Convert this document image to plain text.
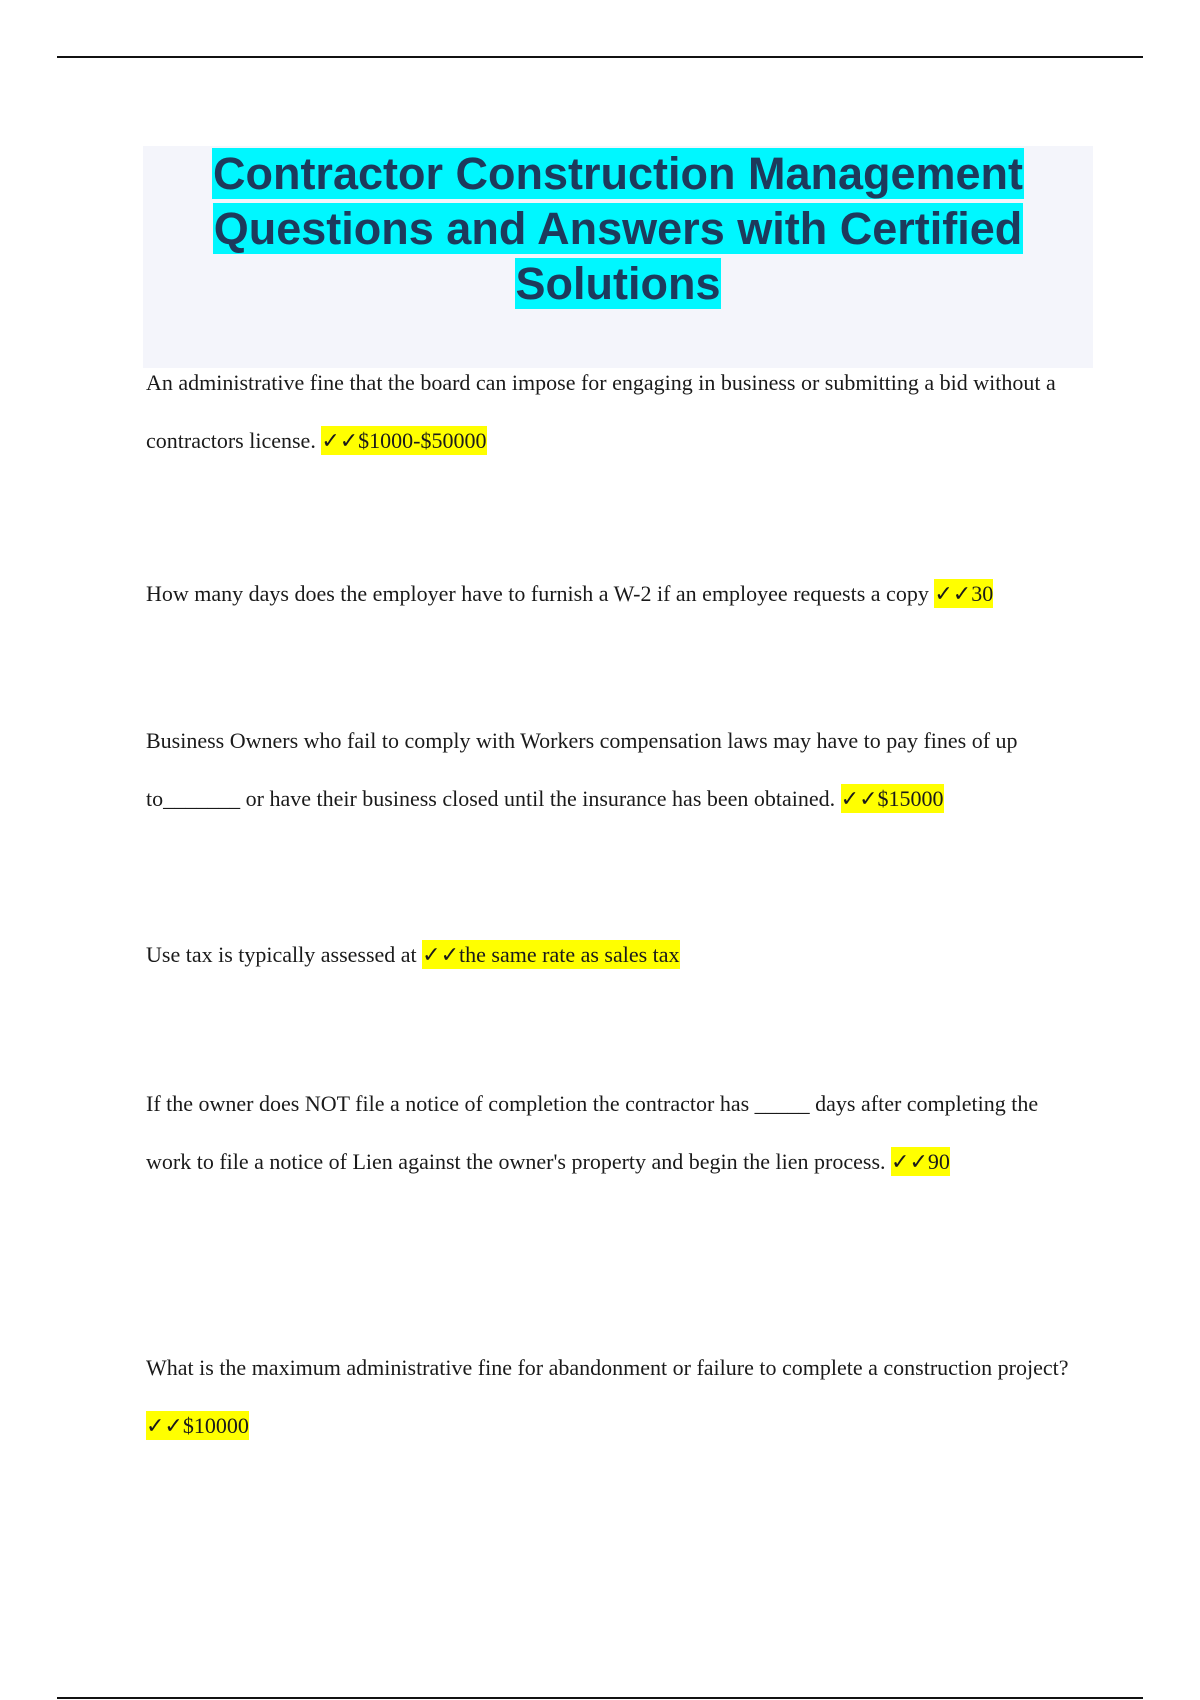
Contractor Construction Management
Questions and Answers with Certified
Solutions

An administrative fine that the board can impose for engaging in business or submitting a bid without a contractors license. ✓✓$1000-$50000

How many days does the employer have to furnish a W-2 if an employee requests a copy ✓✓30

Business Owners who fail to comply with Workers compensation laws may have to pay fines of up to_______ or have their business closed until the insurance has been obtained. ✓✓$15000

Use tax is typically assessed at ✓✓the same rate as sales tax

If the owner does NOT file a notice of completion the contractor has _____ days after completing the work to file a notice of Lien against the owner's property and begin the lien process. ✓✓90

What is the maximum administrative fine for abandonment or failure to complete a construction project? ✓✓$10000
